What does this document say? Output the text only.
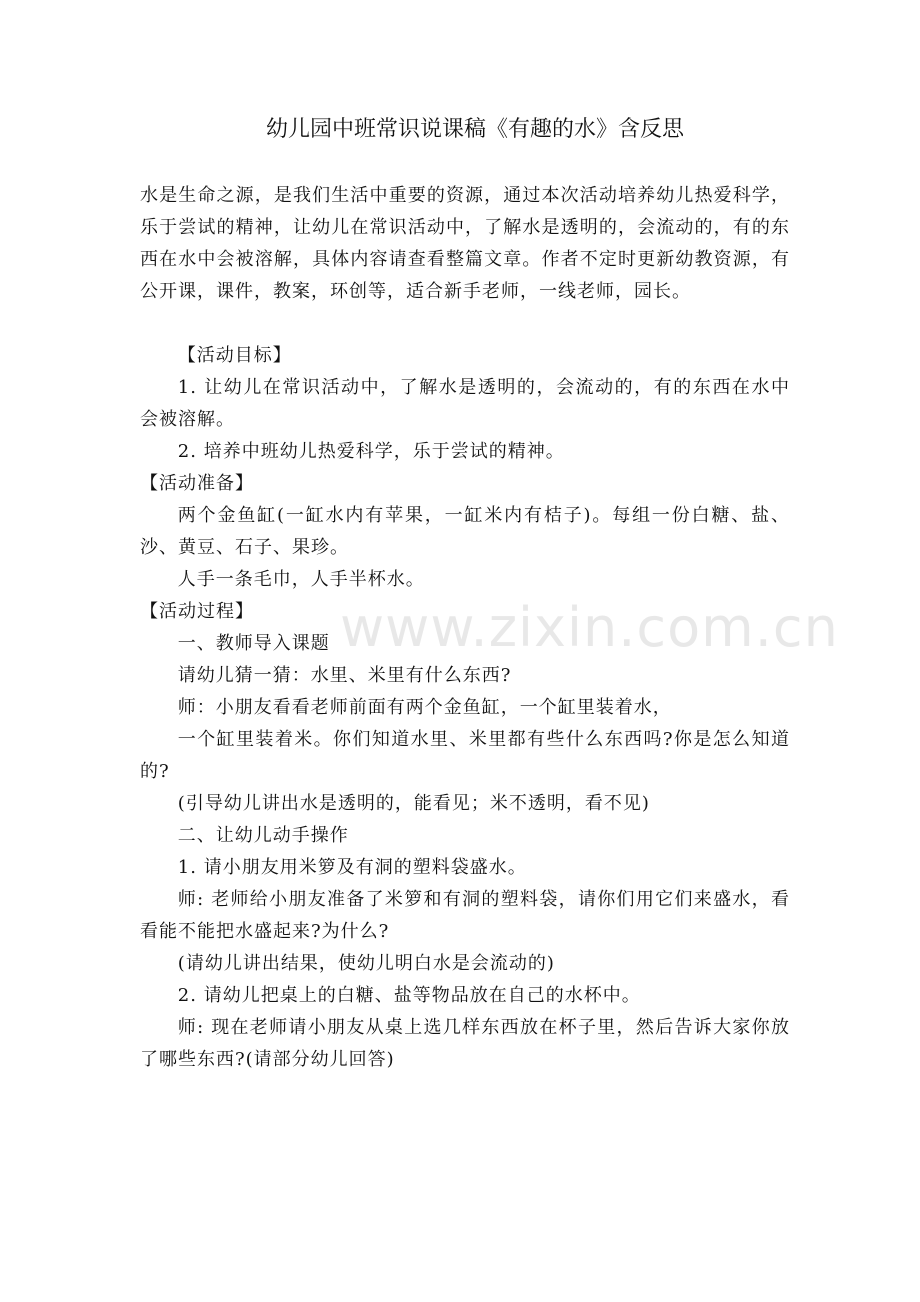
幼儿园中班常识说课稿《有趣的水》含反思

水是生命之源，是我们生活中重要的资源，通过本次活动培养幼儿热爱科学，乐于尝试的精神，让幼儿在常识活动中，了解水是透明的，会流动的，有的东西在水中会被溶解，具体内容请查看整篇文章。作者不定时更新幼教资源，有公开课，课件，教案，环创等，适合新手老师，一线老师，园长。

【活动目标】

1. 让幼儿在常识活动中，了解水是透明的，会流动的，有的东西在水中会被溶解。

2. 培养中班幼儿热爱科学，乐于尝试的精神。

【活动准备】

两个金鱼缸(一缸水内有苹果，一缸米内有桔子)。每组一份白糖、盐、沙、黄豆、石子、果珍。

人手一条毛巾，人手半杯水。

【活动过程】

一、教师导入课题

请幼儿猜一猜：水里、米里有什么东西?

师：小朋友看看老师前面有两个金鱼缸，一个缸里装着水，

一个缸里装着米。你们知道水里、米里都有些什么东西吗?你是怎么知道的?

(引导幼儿讲出水是透明的，能看见；米不透明，看不见)

二、让幼儿动手操作

1. 请小朋友用米箩及有洞的塑料袋盛水。

师: 老师给小朋友准备了米箩和有洞的塑料袋，请你们用它们来盛水，看看能不能把水盛起来?为什么?

(请幼儿讲出结果，使幼儿明白水是会流动的)

2. 请幼儿把桌上的白糖、盐等物品放在自己的水杯中。

师: 现在老师请小朋友从桌上选几样东西放在杯子里，然后告诉大家你放了哪些东西?(请部分幼儿回答)

www.zixin.com.cn
